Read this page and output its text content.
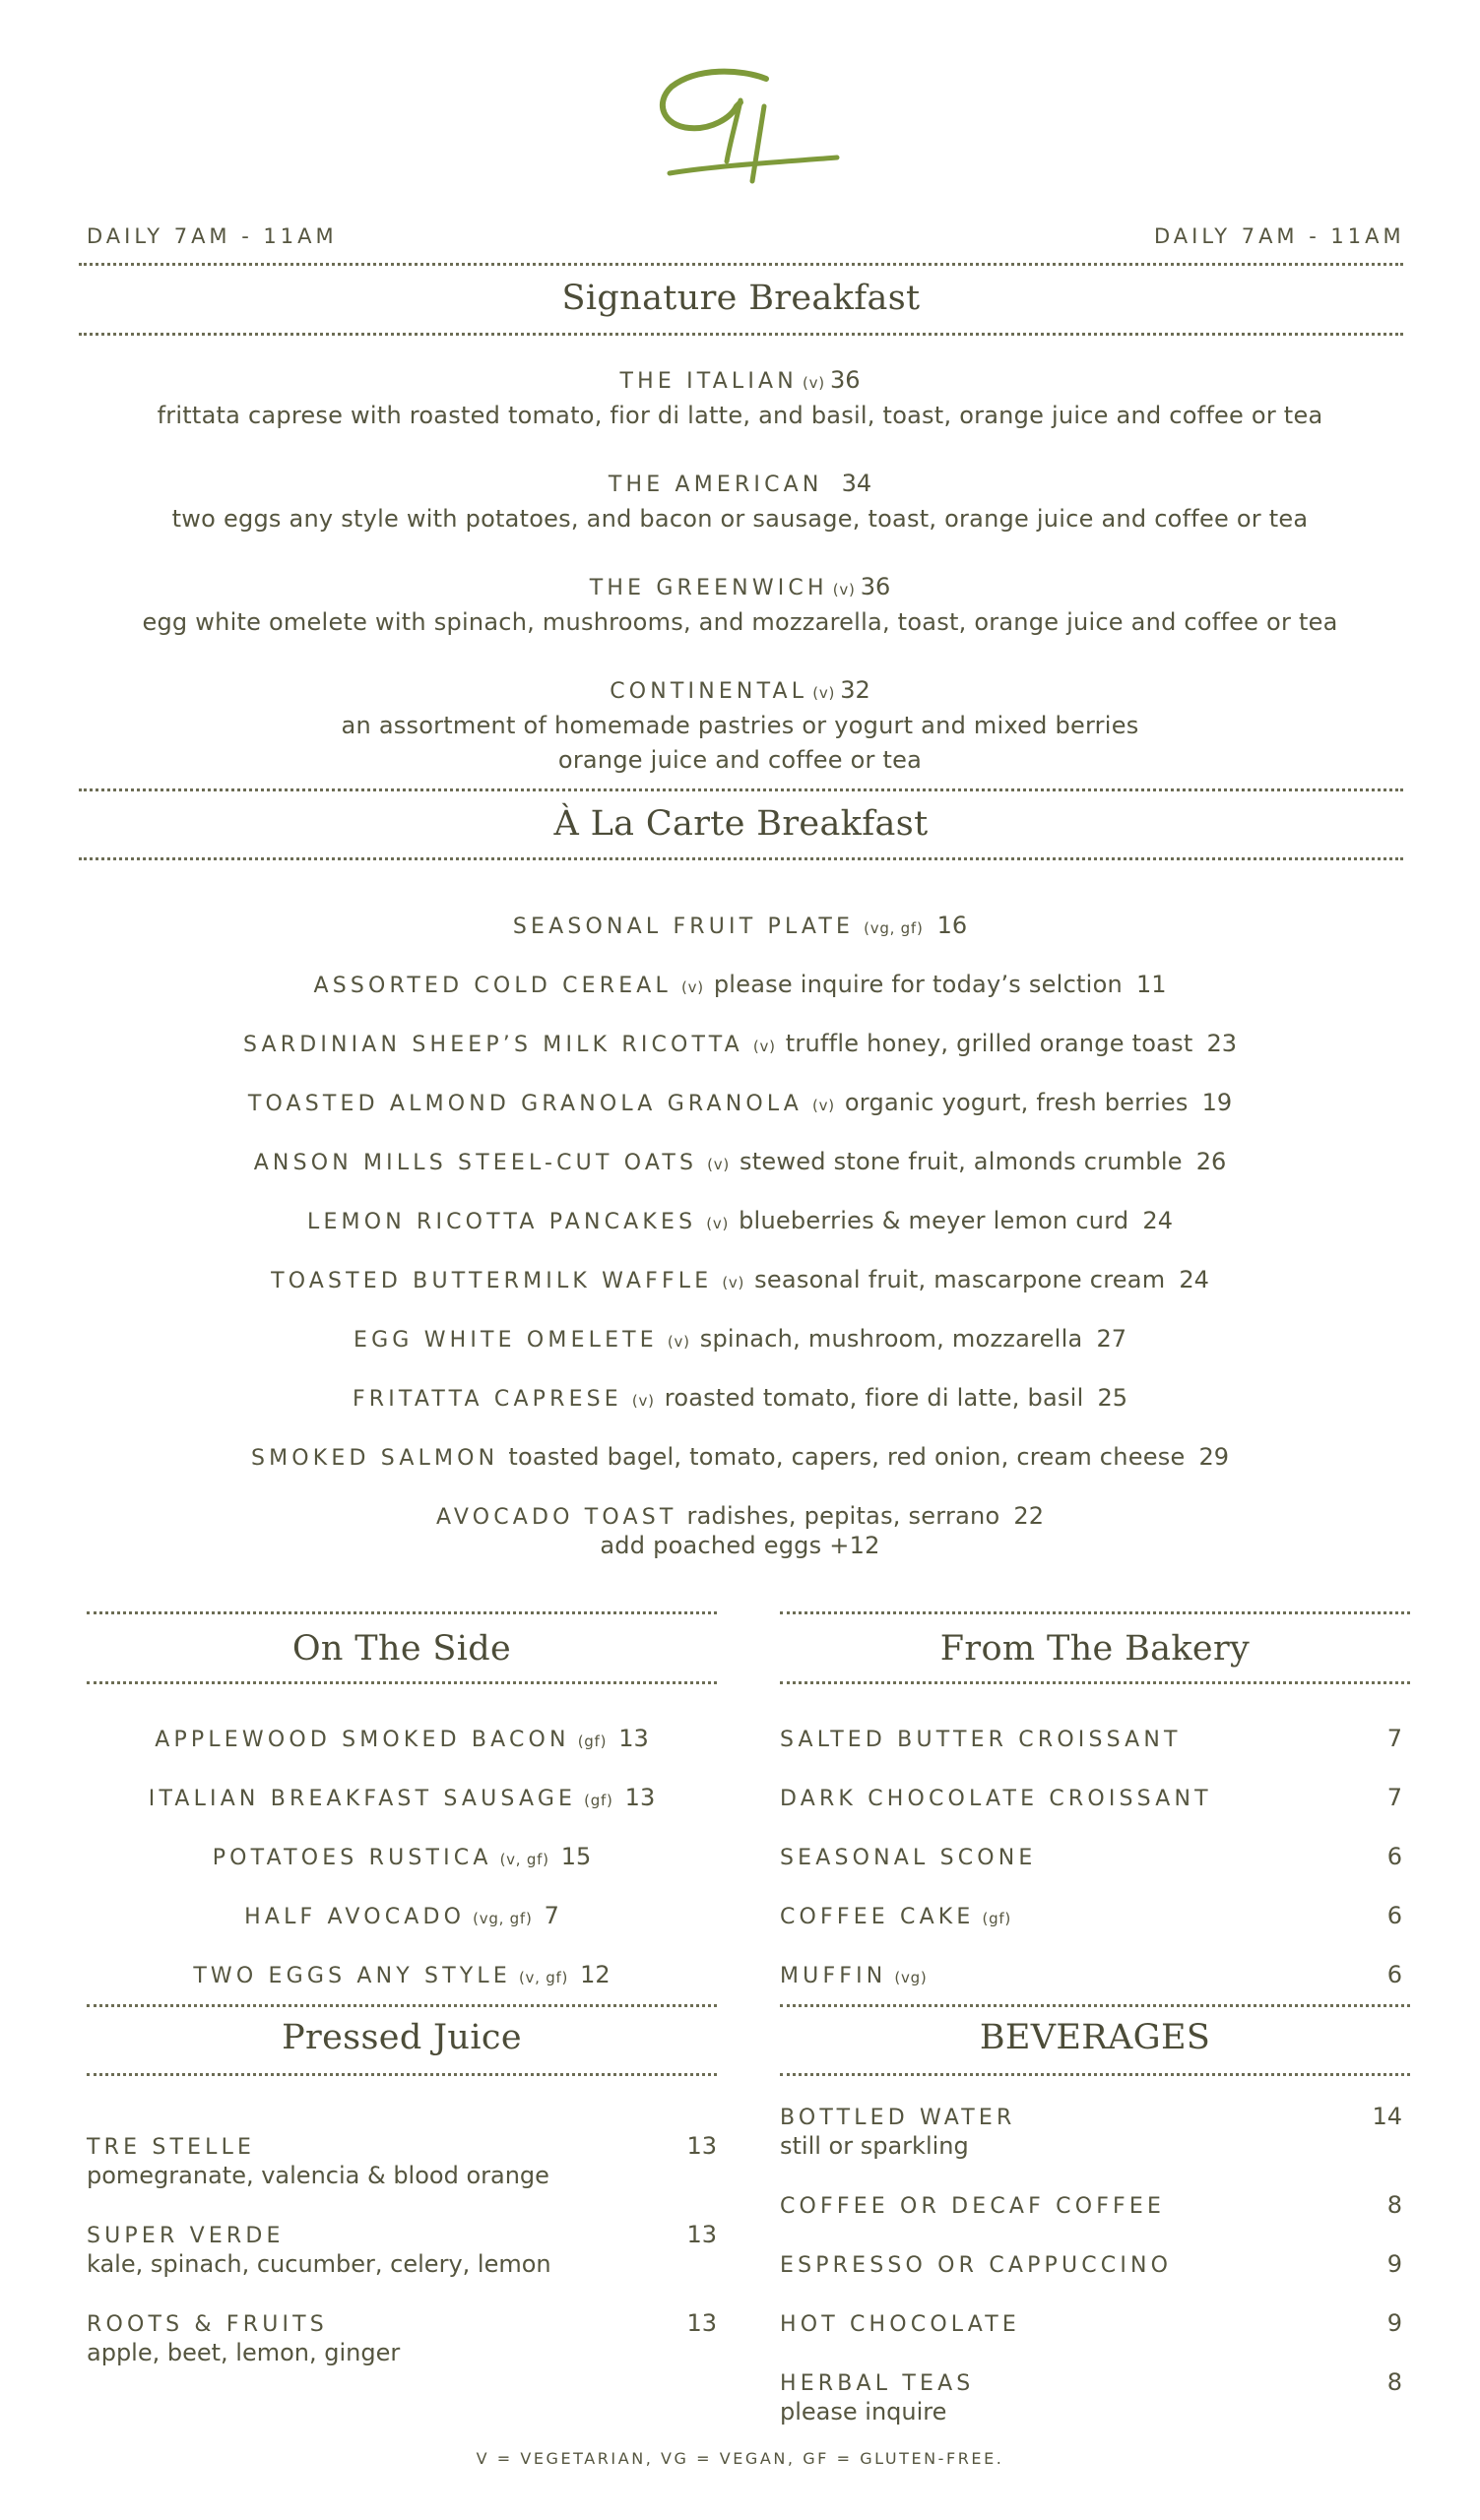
DAILY 7AM - 11AM	DAILY 7AM - 11AM
Signature Breakfast
THE ITALIAN (v) 36
frittata caprese with roasted tomato, fior di latte, and basil, toast, orange juice and coffee or tea
THE AMERICAN 34
two eggs any style with potatoes, and bacon or sausage, toast, orange juice and coffee or tea
THE GREENWICH (v) 36
egg white omelete with spinach, mushrooms, and mozzarella, toast, orange juice and coffee or tea
CONTINENTAL (v) 32
an assortment of homemade pastries or yogurt and mixed berries
orange juice and coffee or tea
À La Carte Breakfast
SEASONAL FRUIT PLATE (vg, gf) 16
ASSORTED COLD CEREAL (v) please inquire for today’s selction 11
SARDINIAN SHEEP’S MILK RICOTTA (v) truffle honey, grilled orange toast 23
TOASTED ALMOND GRANOLA GRANOLA (v) organic yogurt, fresh berries 19
ANSON MILLS STEEL-CUT OATS (v) stewed stone fruit, almonds crumble 26
LEMON RICOTTA PANCAKES (v) blueberries & meyer lemon curd 24
TOASTED BUTTERMILK WAFFLE (v) seasonal fruit, mascarpone cream 24
EGG WHITE OMELETE (v) spinach, mushroom, mozzarella 27
FRITATTA CAPRESE (v) roasted tomato, fiore di latte, basil 25
SMOKED SALMON toasted bagel, tomato, capers, red onion, cream cheese 29
AVOCADO TOAST radishes, pepitas, serrano 22
add poached eggs +12
On The Side	From The Bakery
APPLEWOOD SMOKED BACON (gf) 13
ITALIAN BREAKFAST SAUSAGE (gf) 13
POTATOES RUSTICA (v, gf) 15
HALF AVOCADO (vg, gf) 7
TWO EGGS ANY STYLE (v, gf) 12
SALTED BUTTER CROISSANT	7
DARK CHOCOLATE CROISSANT	7
SEASONAL SCONE	6
COFFEE CAKE (gf)	6
MUFFIN (vg)	6
Pressed Juice	BEVERAGES
TRE STELLE	13
pomegranate, valencia & blood orange
SUPER VERDE	13
kale, spinach, cucumber, celery, lemon
ROOTS & FRUITS	13
apple, beet, lemon, ginger
BOTTLED WATER	14
still or sparkling
COFFEE OR DECAF COFFEE	8
ESPRESSO OR CAPPUCCINO	9
HOT CHOCOLATE	9
HERBAL TEAS	8
please inquire
V = VEGETARIAN, VG = VEGAN, GF = GLUTEN-FREE.
